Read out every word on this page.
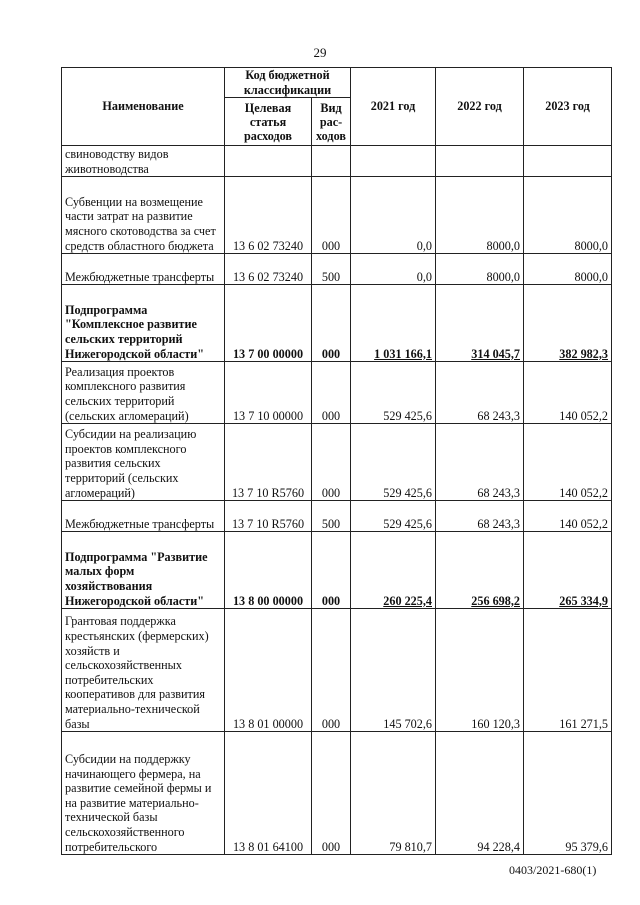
29
Наименование	Код бюджетной классификации		2021 год	2022 год	2023 год
	Целевая статья расходов	Вид рас-ходов			
свиноводству видов животноводства					
Субвенции на возмещение части затрат на развитие мясного скотоводства за счет средств областного бюджета	13 6 02 73240	000	0,0	8000,0	8000,0
Межбюджетные трансферты	13 6 02 73240	500	0,0	8000,0	8000,0
Подпрограмма "Комплексное развитие сельских территорий Нижегородской области"	13 7 00 00000	000	1 031 166,1	314 045,7	382 982,3
Реализация проектов комплексного развития сельских территорий (сельских агломераций)	13 7 10 00000	000	529 425,6	68 243,3	140 052,2
Субсидии на реализацию проектов комплексного развития сельских территорий (сельских агломераций)	13 7 10 R5760	000	529 425,6	68 243,3	140 052,2
Межбюджетные трансферты	13 7 10 R5760	500	529 425,6	68 243,3	140 052,2
Подпрограмма "Развитие малых форм хозяйствования Нижегородской области"	13 8 00 00000	000	260 225,4	256 698,2	265 334,9
Грантовая поддержка крестьянских (фермерских) хозяйств и сельскохозяйственных потребительских кооперативов для развития материально-технической базы	13 8 01 00000	000	145 702,6	160 120,3	161 271,5
Субсидии на поддержку начинающего фермера, на развитие семейной фермы и на развитие материально-технической базы сельскохозяйственного потребительского	13 8 01 64100	000	79 810,7	94 228,4	95 379,6
0403/2021-680(1)
